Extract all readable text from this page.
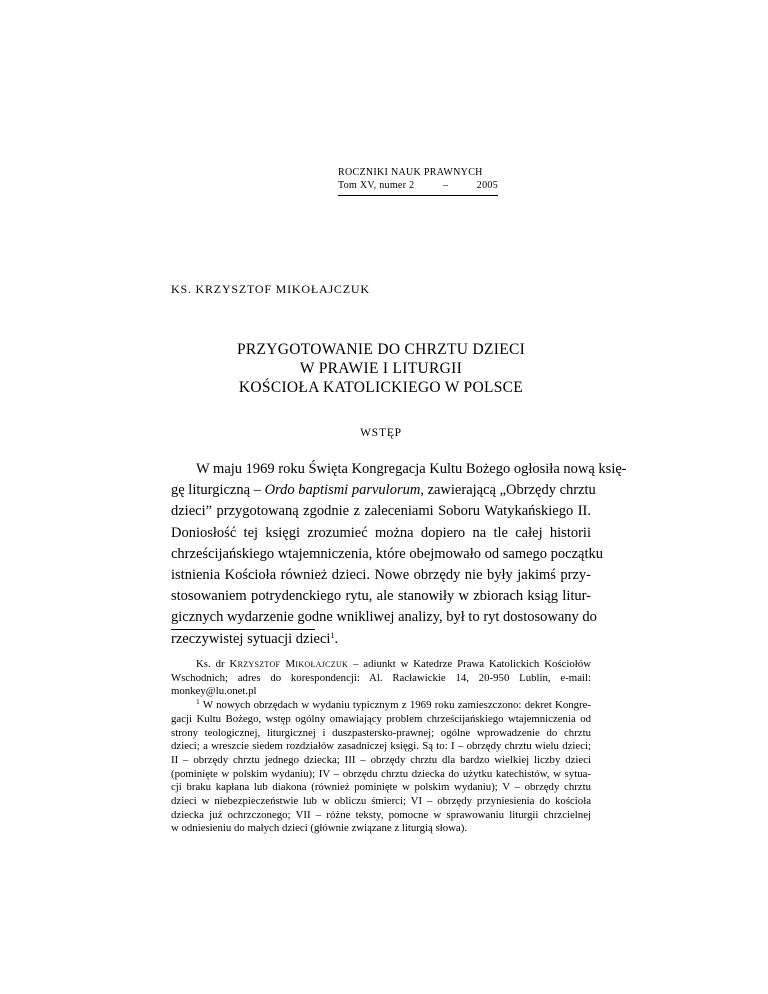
ROCZNIKI NAUK PRAWNYCH
Tom XV, numer 2	–	2005
KS. KRZYSZTOF MIKOŁAJCZUK
PRZYGOTOWANIE DO CHRZTU DZIECI
W PRAWIE I LITURGII
KOŚCIOŁA KATOLICKIEGO W POLSCE
WSTĘP
W maju 1969 roku Święta Kongregacja Kultu Bożego ogłosiła nową księ-
gę liturgiczną – Ordo baptismi parvulorum, zawierającą „Obrzędy chrztu
dzieci” przygotowaną zgodnie z zaleceniami Soboru Watykańskiego II.
Doniosłość tej księgi zrozumieć można dopiero na tle całej historii
chrześcijańskiego wtajemniczenia, które obejmowało od samego początku
istnienia Kościoła również dzieci. Nowe obrzędy nie były jakimś przy-
stosowaniem potrydenckiego rytu, ale stanowiły w zbiorach ksiąg litur-
gicznych wydarzenie godne wnikliwej analizy, był to ryt dostosowany do
rzeczywistej sytuacji dzieci$^1$.
Ks. dr Krzysztof Mikołajczuk – adiunkt w Katedrze Prawa Katolickich Kościołów
Wschodnich; adres do korespondencji: Al. Racławickie 14, 20-950 Lublin, e-mail:
monkey@lu.onet.pl
$^1$ W nowych obrzędach w wydaniu typicznym z 1969 roku zamieszczono: dekret Kongre-
gacji Kultu Bożego, wstęp ogólny omawiający problem chrześcijańskiego wtajemniczenia od
strony teologicznej, liturgicznej i duszpastersko-prawnej; ogólne wprowadzenie do chrztu
dzieci; a wreszcie siedem rozdziałów zasadniczej księgi. Są to: I – obrzędy chrztu wielu dzieci;
II – obrzędy chrztu jednego dziecka; III – obrzędy chrztu dla bardzo wielkiej liczby dzieci
(pominięte w polskim wydaniu); IV – obrzędu chrztu dziecka do użytku katechistów, w sytua-
cji braku kapłana lub diakona (również pominięte w polskim wydaniu); V – obrzędy chrztu
dzieci w niebezpieczeństwie lub w obliczu śmierci; VI – obrzędy przyniesienia do kościoła
dziecka już ochrzczonego; VII – różne teksty, pomocne w sprawowaniu liturgii chrzcielnej
w odniesieniu do małych dzieci (głównie związane z liturgią słowa).
